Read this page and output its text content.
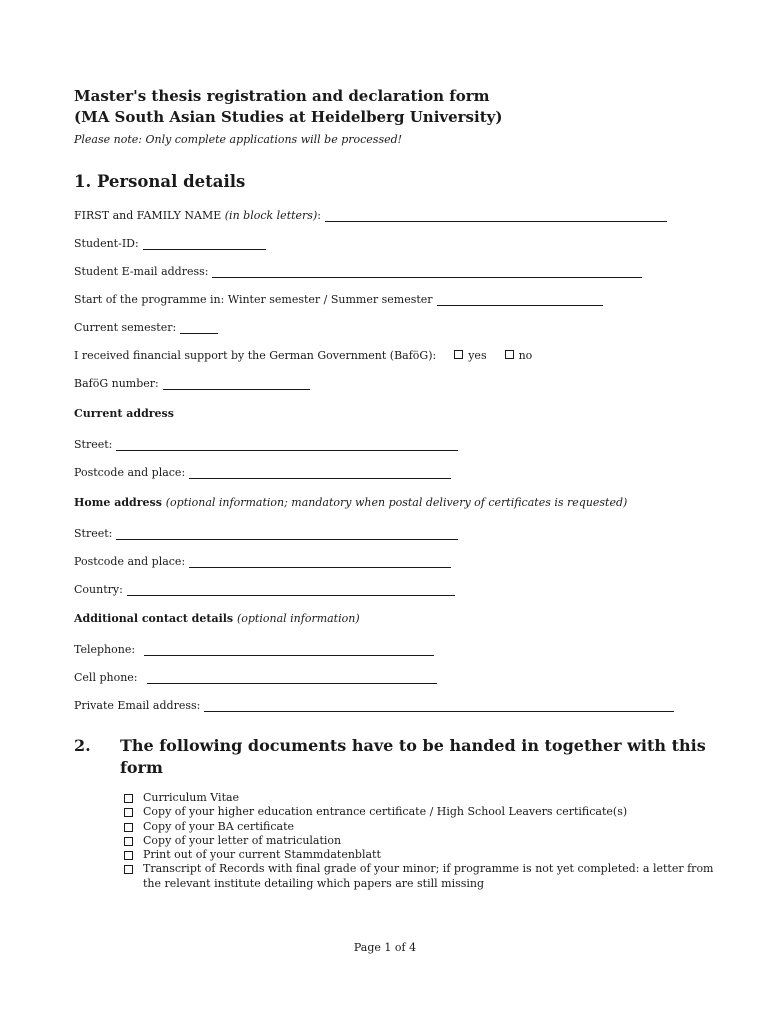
Master's thesis registration and declaration form
(MA South Asian Studies at Heidelberg University)
Please note: Only complete applications will be processed!
1. Personal details
FIRST and FAMILY NAME
(in block letters) :
Student-ID:
Student E-mail address:
Start of the programme in: Winter semester / Summer semester
Current semester:
I received financial support by the German Government (BaföG):	yes	no
BaföG number:
Current address
Street:
Postcode and place:
Home address (optional information; mandatory when postal delivery of certificates is requested)
Street:
Postcode and place:
Country:
Additional contact details (optional information)
Telephone:
Cell phone:
Private Email address:
2. The following documents have to be handed in together with this
form
Curriculum Vitae
Copy of your higher education entrance certificate / High School Leavers certificate(s)
Copy of your BA certificate
Copy of your letter of matriculation
Print out of your current Stammdatenblatt
Transcript of Records with final grade of your minor; if programme is not yet completed: a letter from the relevant institute detailing which papers are still missing
Page 1 of 4
